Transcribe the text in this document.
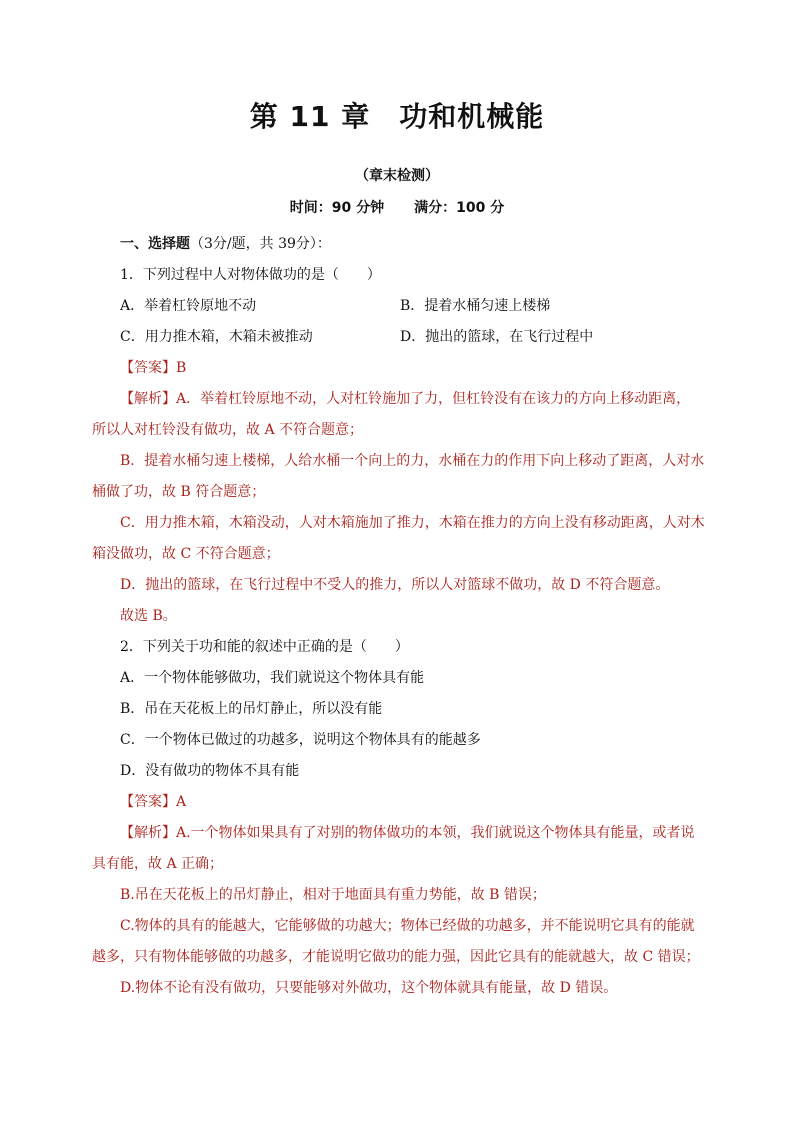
第 11 章　功和机械能
（章末检测）
时间：90 分钟 满分：100 分
一、选择题（3分/题，共 39分）：
1．下列过程中人对物体做功的是（　　）
A．举着杠铃原地不动	B．提着水桶匀速上楼梯
C．用力推木箱，木箱未被推动	D．抛出的篮球，在飞行过程中
【答案】B
【解析】A．举着杠铃原地不动，人对杠铃施加了力，但杠铃没有在该力的方向上移动距离，
所以人对杠铃没有做功，故 A 不符合题意；
B．提着水桶匀速上楼梯，人给水桶一个向上的力，水桶在力的作用下向上移动了距离，人对水
桶做了功，故 B 符合题意；
C．用力推木箱，木箱没动，人对木箱施加了推力，木箱在推力的方向上没有移动距离，人对木
箱没做功，故 C 不符合题意；
D．抛出的篮球，在飞行过程中不受人的推力，所以人对篮球不做功，故 D 不符合题意。
故选 B。
2．下列关于功和能的叙述中正确的是（　　）
A．一个物体能够做功，我们就说这个物体具有能
B．吊在天花板上的吊灯静止，所以没有能
C．一个物体已做过的功越多，说明这个物体具有的能越多
D．没有做功的物体不具有能
【答案】A
【解析】A.一个物体如果具有了对别的物体做功的本领，我们就说这个物体具有能量，或者说
具有能，故 A 正确；
B.吊在天花板上的吊灯静止，相对于地面具有重力势能，故 B 错误；
C.物体的具有的能越大，它能够做的功越大；物体已经做的功越多，并不能说明它具有的能就
越多，只有物体能够做的功越多，才能说明它做功的能力强，因此它具有的能就越大，故 C 错误；
D.物体不论有没有做功，只要能够对外做功，这个物体就具有能量，故 D 错误。
